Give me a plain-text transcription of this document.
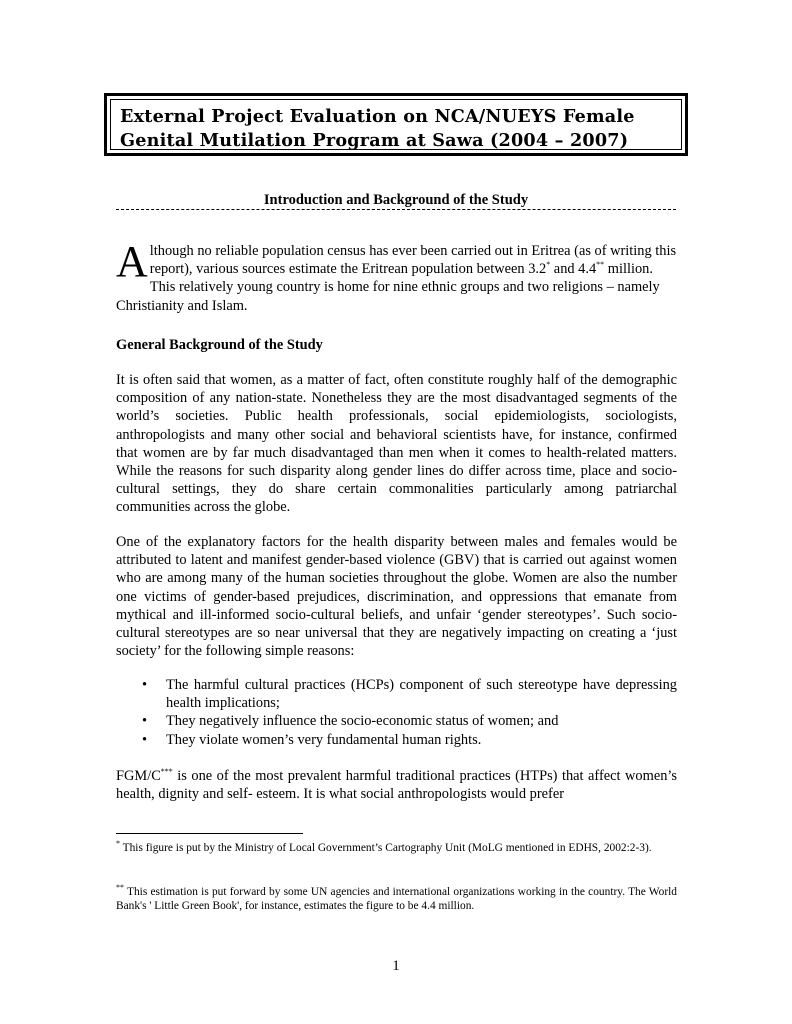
External Project Evaluation on NCA/NUEYS Female
Genital Mutilation Program at Sawa (2004 – 2007)
Introduction and Background of the Study
Although no reliable population census has ever been carried out in Eritrea (as of writing this report), various sources estimate the Eritrean population between 3.2* and 4.4** million. This relatively young country is home for nine ethnic groups and two religions – namely Christianity and Islam.
General Background of the Study
It is often said that women, as a matter of fact, often constitute roughly half of the demographic composition of any nation-state. Nonetheless they are the most disadvantaged segments of the world’s societies. Public health professionals, social epidemiologists, sociologists, anthropologists and many other social and behavioral scientists have, for instance, confirmed that women are by far much disadvantaged than men when it comes to health-related matters. While the reasons for such disparity along gender lines do differ across time, place and socio-cultural settings, they do share certain commonalities particularly among patriarchal communities across the globe.
One of the explanatory factors for the health disparity between males and females would be attributed to latent and manifest gender-based violence (GBV) that is carried out against women who are among many of the human societies throughout the globe. Women are also the number one victims of gender-based prejudices, discrimination, and oppressions that emanate from mythical and ill-informed socio-cultural beliefs, and unfair ‘gender stereotypes’. Such socio-cultural stereotypes are so near universal that they are negatively impacting on creating a ‘just society’ for the following simple reasons:
• The harmful cultural practices (HCPs) component of such stereotype have depressing health implications;
• They negatively influence the socio-economic status of women; and
• They violate women’s very fundamental human rights.
FGM/C*** is one of the most prevalent harmful traditional practices (HTPs) that affect women’s health, dignity and self- esteem. It is what social anthropologists would prefer
* This figure is put by the Ministry of Local Government’s Cartography Unit (MoLG mentioned in EDHS, 2002:2-3).
** This estimation is put forward by some UN agencies and international organizations working in the country. The World Bank's ' Little Green Book', for instance, estimates the figure to be 4.4 million.
1
